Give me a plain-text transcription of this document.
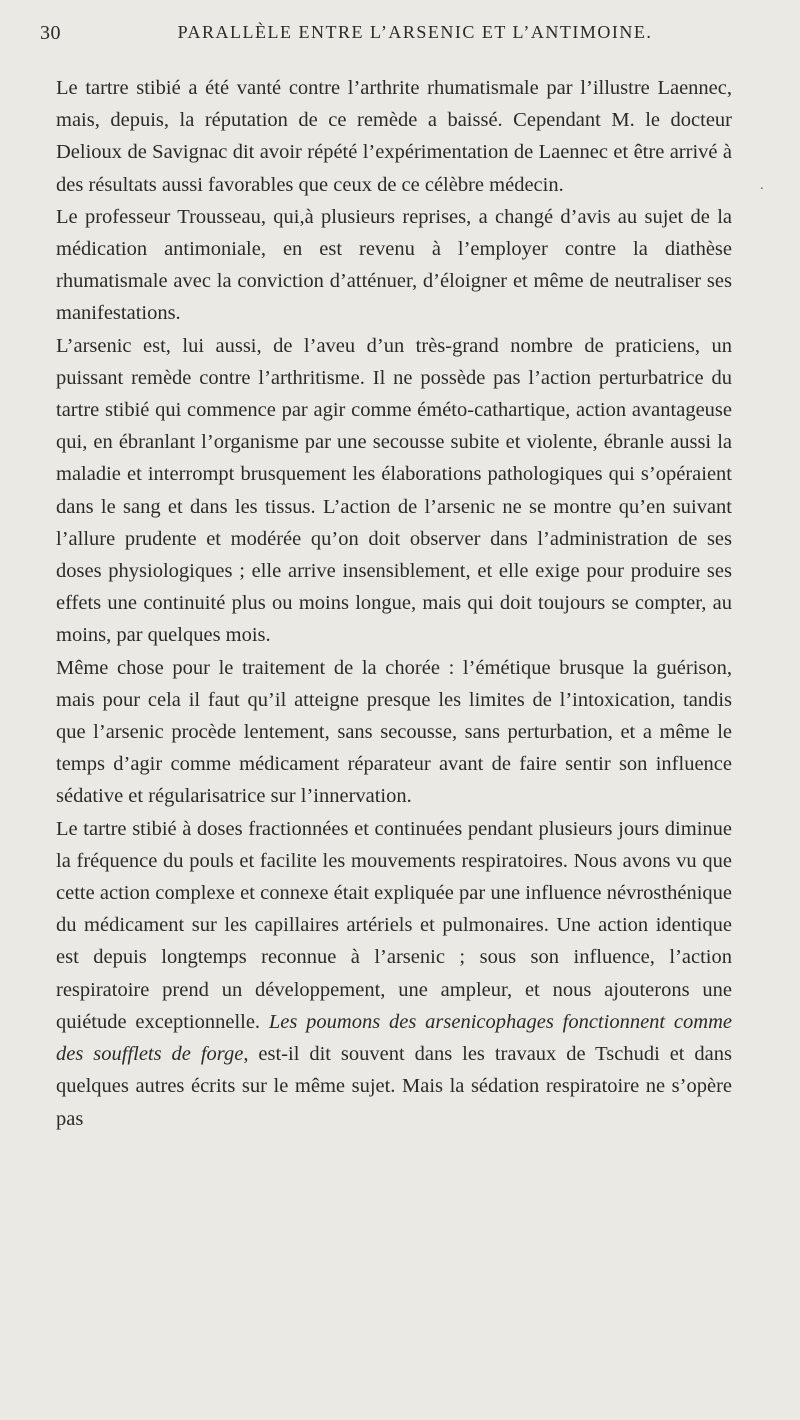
30	PARALLÈLE ENTRE L’ARSENIC ET L’ANTIMOINE.

Le tartre stibié a été vanté contre l’arthrite rhumatismale par l’illustre Laennec, mais, depuis, la réputation de ce remède a baissé. Cependant M. le docteur Delioux de Savignac dit avoir répété l’expérimentation de Laennec et être arrivé à des résultats aussi favorables que ceux de ce célèbre médecin.

Le professeur Trousseau, qui,à plusieurs reprises, a changé d’avis au sujet de la médication antimoniale, en est revenu à l’employer contre la diathèse rhumatismale avec la conviction d’atténuer, d’éloigner et même de neutraliser ses manifestations.

L’arsenic est, lui aussi, de l’aveu d’un très-grand nombre de praticiens, un puissant remède contre l’arthritisme. Il ne possède pas l’action perturbatrice du tartre stibié qui commence par agir comme éméto-cathartique, action avantageuse qui, en ébranlant l’organisme par une secousse subite et violente, ébranle aussi la maladie et interrompt brusquement les élaborations pathologiques qui s’opéraient dans le sang et dans les tissus. L’action de l’arsenic ne se montre qu’en suivant l’allure prudente et modérée qu’on doit observer dans l’administration de ses doses physiologiques ; elle arrive insensiblement, et elle exige pour produire ses effets une continuité plus ou moins longue, mais qui doit toujours se compter, au moins, par quelques mois.

Même chose pour le traitement de la chorée : l’émétique brusque la guérison, mais pour cela il faut qu’il atteigne presque les limites de l’intoxication, tandis que l’arsenic procède lentement, sans secousse, sans perturbation, et a même le temps d’agir comme médicament réparateur avant de faire sentir son influence sédative et régularisatrice sur l’innervation.

Le tartre stibié à doses fractionnées et continuées pendant plusieurs jours diminue la fréquence du pouls et facilite les mouvements respiratoires. Nous avons vu que cette action complexe et connexe était expliquée par une influence névrosthénique du médicament sur les capillaires artériels et pulmonaires. Une action identique est depuis longtemps reconnue à l’arsenic ; sous son influence, l’action respiratoire prend un développement, une ampleur, et nous ajouterons une quiétude exceptionnelle. Les poumons des arsenicophages fonctionnent comme des soufflets de forge, est-il dit souvent dans les travaux de Tschudi et dans quelques autres écrits sur le même sujet. Mais la sédation respiratoire ne s’opère pas

.
